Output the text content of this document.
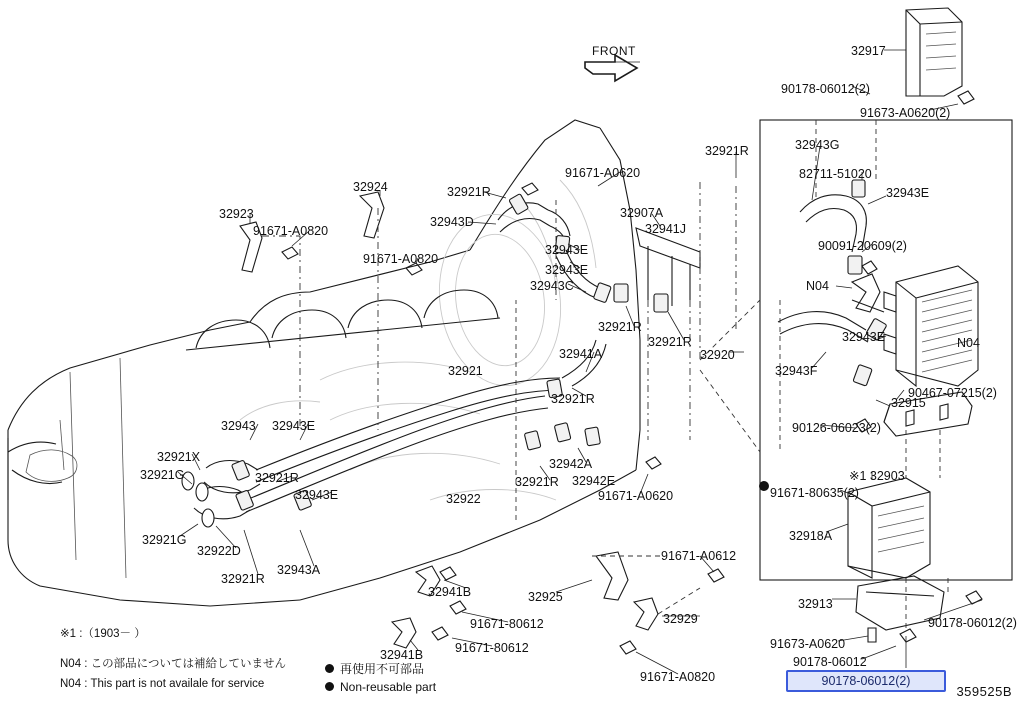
FRONT	32917
90178-06012(2)
91673-A0620(2)
32943G
32921R
82711-51020
32943E
91671-A0620
32924	32921R
32943D
32907A
32941J
32923
91671-A0820
90091-20609(2)
32943E
91671-A0820
32943E
32943C	N04
32921R
32921R	32943E	N04
32941A	32920
32943F
32921
32921R	90467-07215(2)
32915
32943 32943E	90126-06023(2)
32921X	32942A
32921G	32921R	32921R 32942E	※1 32903
32943E	32922	91671-A0620	91671-80635(2)
32921G
32922D
32918A
32921R
32943A
91671-A0612
32941B	32925	32913
90178-06012(2)
91671-80612	32929
91673-A0620
32941B	91671-80612
90178-06012
91671-A0820
※1 :（1903－ ）
N04 : この部品については補給していません
N04 : This part is not availale for service
再使用不可部品
Non-reusable part	90178-06012(2)
359525B
